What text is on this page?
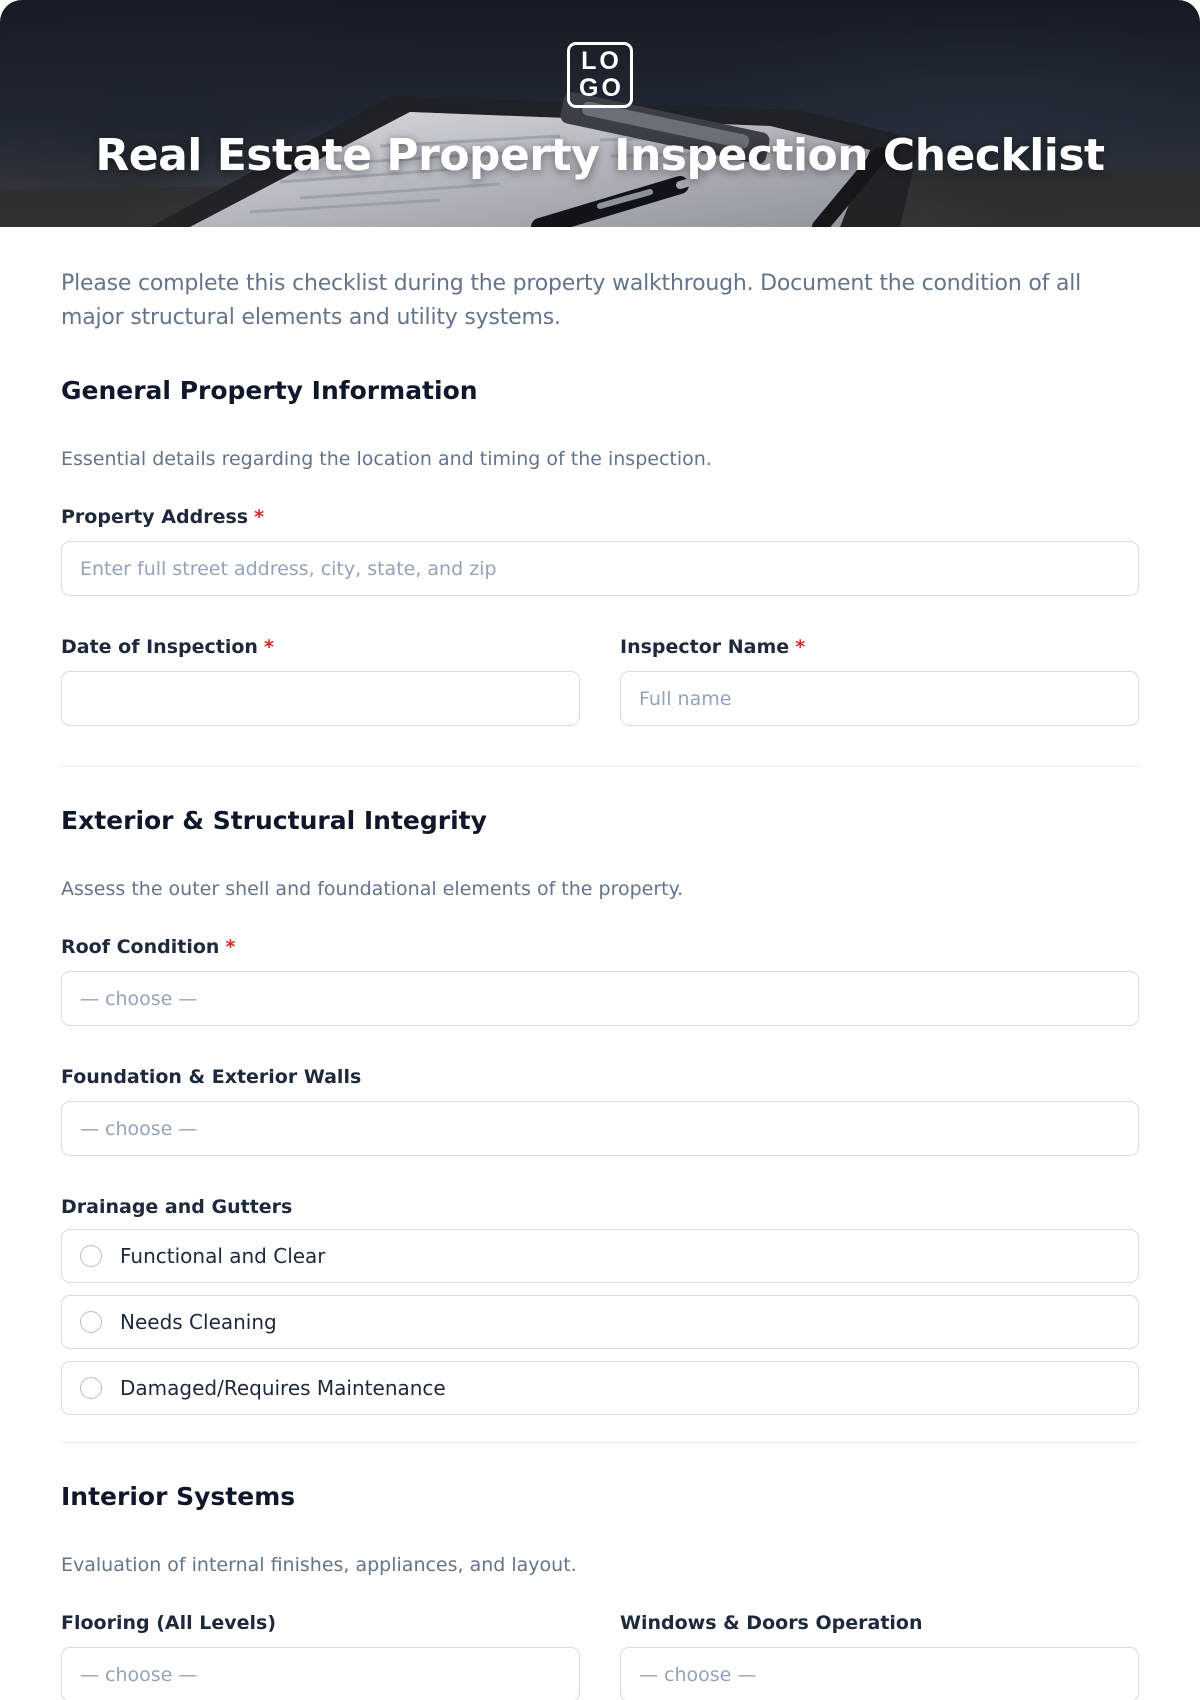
LO
GO
Real Estate Property Inspection Checklist

Please complete this checklist during the property walkthrough. Document the condition of all major structural elements and utility systems.

General Property Information

Essential details regarding the location and timing of the inspection.

Property Address *
Enter full street address, city, state, and zip
Date of Inspection *	Inspector Name *
Full name
Exterior & Structural Integrity

Assess the outer shell and foundational elements of the property.

Roof Condition *
— choose —
Foundation & Exterior Walls
— choose —
Drainage and Gutters
Functional and Clear
Needs Cleaning
Damaged/Requires Maintenance
Interior Systems

Evaluation of internal finishes, appliances, and layout.

Flooring (All Levels)
— choose —
Windows & Doors Operation
— choose —
